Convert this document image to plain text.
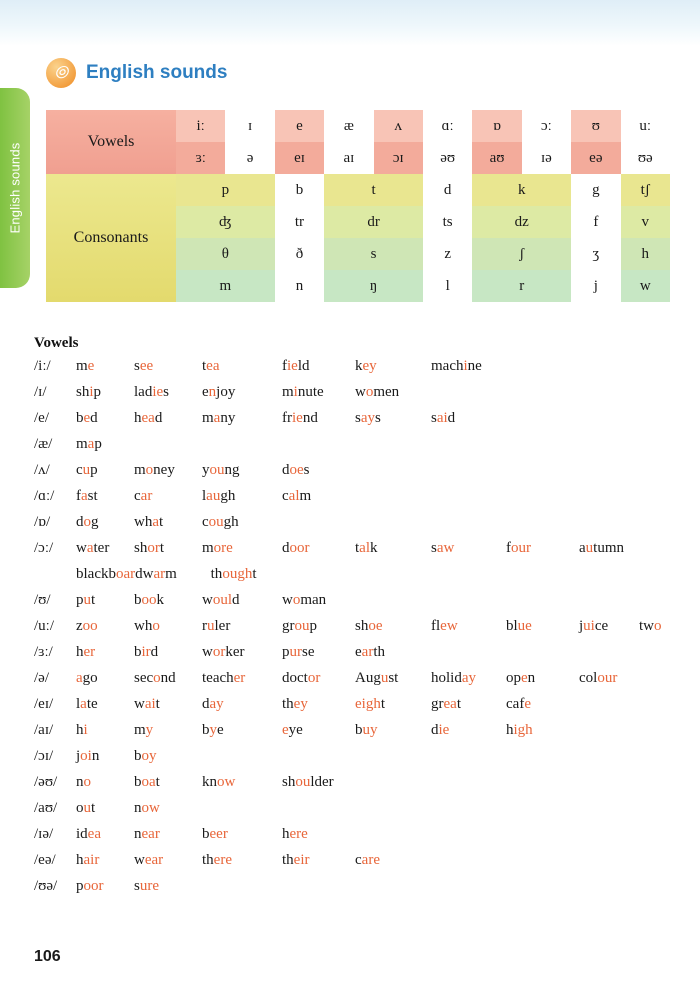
English sounds
⦾ English sounds
Vowels	iː	ɪ	e	æ	ʌ	ɑː	ɒ	ɔː	ʊ	uː
	ɜː	ə	eɪ	aɪ	ɔɪ	əʊ	aʊ	ɪə	eə	ʊə
Consonants	p		b	t		d	k		g	tʃ
	ʤ		tr	dr		ts	dz		f	v
	θ		ð	s		z	ʃ		ʒ	h
	m		n	ŋ		l	r		j	w
Vowels
/iː/	me	see	tea	field	key	machine
/ɪ/	ship	ladies	enjoy	minute	women
/e/	bed	head	many	friend	says	said
/æ/	map
/ʌ/	cup	money	young	does
/ɑː/	fast	car	laugh	calm
/ɒ/	dog	what	cough
/ɔː/	water	short	more	door	talk	saw	four	autumn
blackboard warm	thought
/ʊ/	put	book	would	woman
/uː/	zoo	who	ruler	group	shoe	flew	blue	juice	two
/ɜː/	her	bird	worker	purse	earth
/ə/	ago	second	teacher	doctor	August	holiday	open	colour
/eɪ/	late	wait	day	they	eight	great	cafe
/aɪ/	hi	my	bye	eye	buy	die	high
/ɔɪ/	join	boy
/əʊ/	no	boat	know	shoulder
/aʊ/	out	now
/ɪə/	idea	near	beer	here
/eə/	hair	wear	there	their	care
/ʊə/	poor	sure
106
